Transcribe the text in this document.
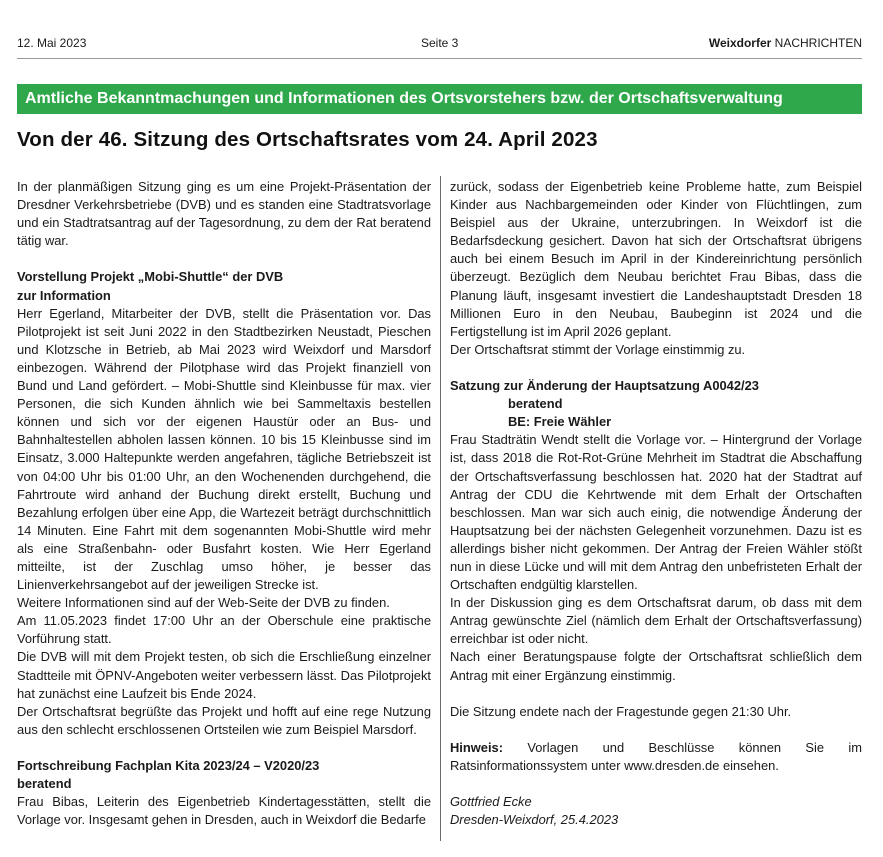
12. Mai 2023	Seite 3	Weixdorfer NACHRICHTEN
Amtliche Bekanntmachungen und Informationen des Ortsvorstehers bzw. der Ortschaftsverwaltung
Von der 46. Sitzung des Ortschaftsrates vom 24. April 2023

In der planmäßigen Sitzung ging es um eine Projekt-Präsentation der Dresdner Verkehrsbetriebe (DVB) und es standen eine Stadtratsvorlage und ein Stadtratsantrag auf der Tagesordnung, zu dem der Rat beratend tätig war.

Vorstellung Projekt „Mobi-Shuttle“ der DVB

zur Information

Herr Egerland, Mitarbeiter der DVB, stellt die Präsentation vor. Das Pilotprojekt ist seit Juni 2022 in den Stadtbezirken Neustadt, Pieschen und Klotzsche in Betrieb, ab Mai 2023 wird Weixdorf und Marsdorf einbezogen. Während der Pilotphase wird das Projekt finanziell von Bund und Land gefördert. – Mobi-Shuttle sind Kleinbusse für max. vier Personen, die sich Kunden ähnlich wie bei Sammeltaxis bestellen können und sich vor der eigenen Haustür oder an Bus- und Bahnhaltestellen abholen lassen können. 10 bis 15 Kleinbusse sind im Einsatz, 3.000 Haltepunkte werden angefahren, tägliche Betriebszeit ist von 04:00 Uhr bis 01:00 Uhr, an den Wochenenden durchgehend, die Fahrtroute wird anhand der Buchung direkt erstellt, Buchung und Bezahlung erfolgen über eine App, die Wartezeit beträgt durchschnittlich 14 Minuten. Eine Fahrt mit dem sogenannten Mobi-Shuttle wird mehr als eine Straßenbahn- oder Busfahrt kosten. Wie Herr Egerland mitteilte, ist der Zuschlag umso höher, je besser das Linienverkehrsangebot auf der jeweiligen Strecke ist.

Weitere Informationen sind auf der Web-Seite der DVB zu finden.

Am 11.05.2023 findet 17:00 Uhr an der Oberschule eine praktische Vorführung statt.

Die DVB will mit dem Projekt testen, ob sich die Erschließung einzelner Stadtteile mit ÖPNV-Angeboten weiter verbessern lässt. Das Pilotprojekt hat zunächst eine Laufzeit bis Ende 2024.

Der Ortschaftsrat begrüßte das Projekt und hofft auf eine rege Nutzung aus den schlecht erschlossenen Ortsteilen wie zum Beispiel Marsdorf.

Fortschreibung Fachplan Kita 2023/24 – V2020/23

beratend

Frau Bibas, Leiterin des Eigenbetrieb Kindertagesstätten, stellt die Vorlage vor. Insgesamt gehen in Dresden, auch in Weixdorf die Bedarfe

zurück, sodass der Eigenbetrieb keine Probleme hatte, zum Beispiel Kinder aus Nachbargemeinden oder Kinder von Flüchtlingen, zum Beispiel aus der Ukraine, unterzubringen. In Weixdorf ist die Bedarfsdeckung gesichert. Davon hat sich der Ortschaftsrat übrigens auch bei einem Besuch im April in der Kindereinrichtung persönlich überzeugt. Bezüglich dem Neubau berichtet Frau Bibas, dass die Planung läuft, insgesamt investiert die Landeshauptstadt Dresden 18 Millionen Euro in den Neubau, Baubeginn ist 2024 und die Fertigstellung ist im April 2026 geplant.

Der Ortschaftsrat stimmt der Vorlage einstimmig zu.

Satzung zur Änderung der Hauptsatzung A0042/23

beratend

BE: Freie Wähler

Frau Stadträtin Wendt stellt die Vorlage vor. – Hintergrund der Vorlage ist, dass 2018 die Rot-Rot-Grüne Mehrheit im Stadtrat die Abschaffung der Ortschaftsverfassung beschlossen hat. 2020 hat der Stadtrat auf Antrag der CDU die Kehrtwende mit dem Erhalt der Ortschaften beschlossen. Man war sich auch einig, die notwendige Änderung der Hauptsatzung bei der nächsten Gelegenheit vorzunehmen. Dazu ist es allerdings bisher nicht gekommen. Der Antrag der Freien Wähler stößt nun in diese Lücke und will mit dem Antrag den unbefristeten Erhalt der Ortschaften endgültig klarstellen.

In der Diskussion ging es dem Ortschaftsrat darum, ob dass mit dem Antrag gewünschte Ziel (nämlich dem Erhalt der Ortschaftsverfassung) erreichbar ist oder nicht.

Nach einer Beratungspause folgte der Ortschaftsrat schließlich dem Antrag mit einer Ergänzung einstimmig.

Die Sitzung endete nach der Fragestunde gegen 21:30 Uhr.

Hinweis: Vorlagen und Beschlüsse können Sie im Ratsinformationssystem unter www.dresden.de einsehen.

Gottfried Ecke

Dresden-Weixdorf, 25.4.2023
